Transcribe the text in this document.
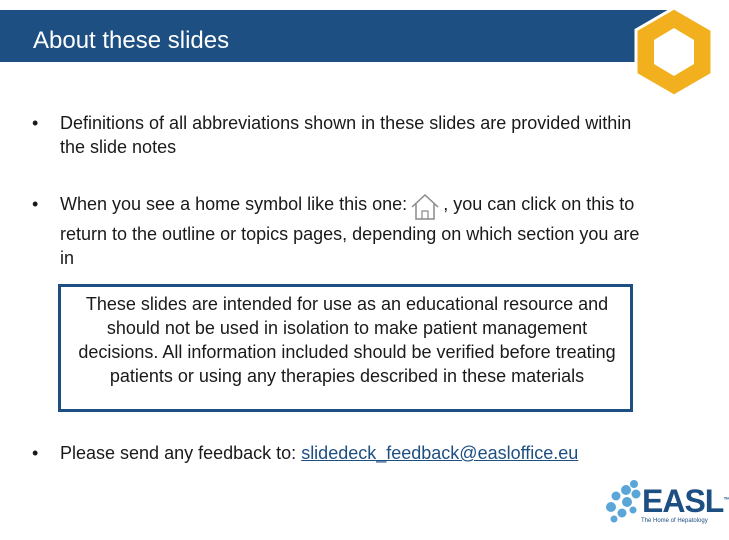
About these slides
• Definitions of all abbreviations shown in these slides are provided within the slide notes
• When you see a home symbol like this one: , you can click on this to return to the outline or topics pages, depending on which section you are in
These slides are intended for use as an educational resource and should not be used in isolation to make patient management decisions. All information included should be verified before treating patients or using any therapies described in these materials
• Please send any feedback to: slidedeck_feedback@easloffice.eu
EASL™
The Home of Hepatology
